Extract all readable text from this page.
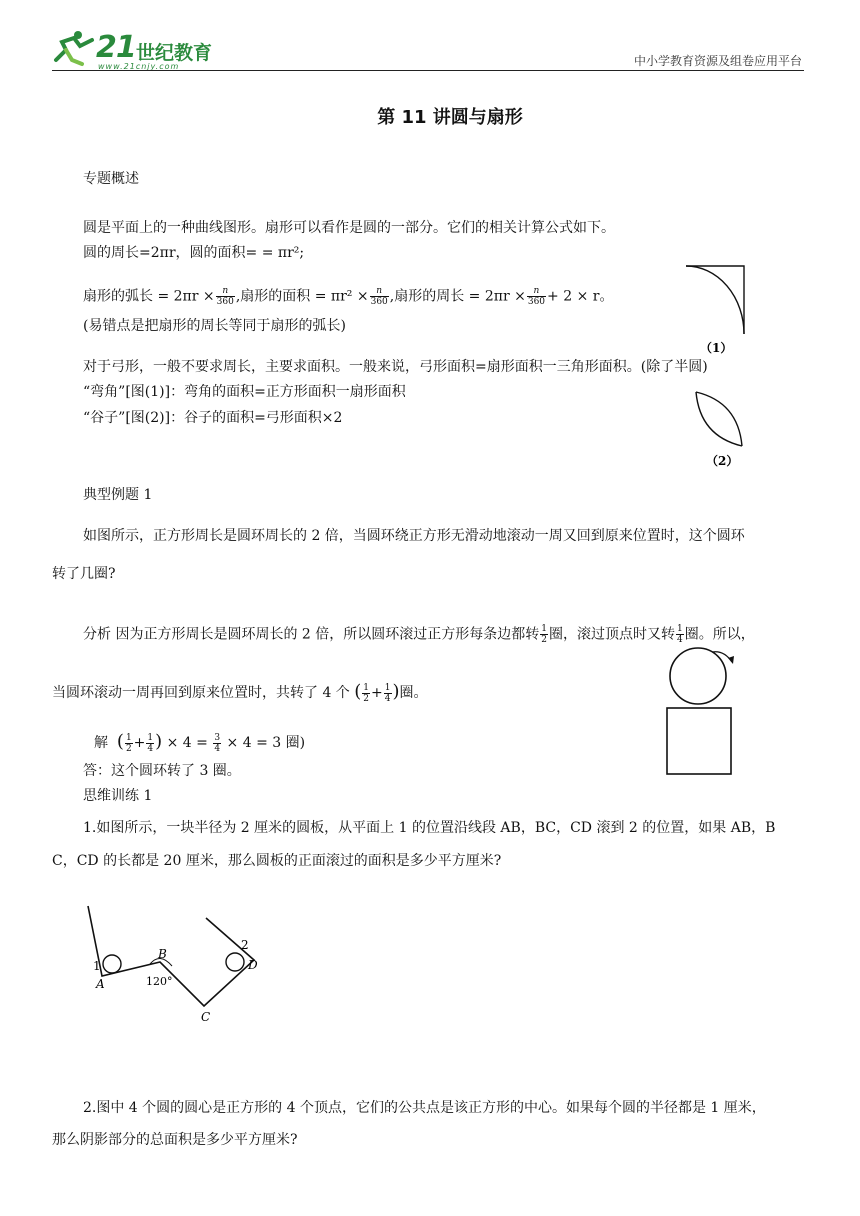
21 世纪教育
www.21cnjy.com	中小学教育资源及组卷应用平台
第 11 讲圆与扇形
专题概述
圆是平面上的一种曲线图形。扇形可以看作是圆的一部分。它们的相关计算公式如下。
圆的周长=2πr，圆的面积= = πr²;
扇形的弧长 = $2\pi r \times \frac{n}{360}$ ,扇形的面积 = $\pi r^2 \times \frac{n}{360}$ ,扇形的周长 = $2\pi r \times \frac{n}{360} + 2 \times r$。
(易错点是把扇形的周长等同于扇形的弧长)
对于弓形，一般不要求周长，主要求面积。一般来说，弓形面积=扇形面积一三角形面积。(除了半圆)
“弯角”[图(1)]：弯角的面积=正方形面积一扇形面积
“谷子”[图(2)]：谷子的面积=弓形面积×2
（1）
（2）
典型例题 1
如图所示，正方形周长是圆环周长的 2 倍，当圆环绕正方形无滑动地滚动一周又回到原来位置时，这个圆环
转了几圈?
分析 因为正方形周长是圆环周长的 2 倍，所以圆环滚过正方形每条边都转 $\frac{1}{2}$ 圈，滚过顶点时又转 $\frac{1}{4}$ 圈。所以，
当圆环滚动一周再回到原来位置时，共转了 4 个 ( $\frac{1}{2} + \frac{1}{4}$ )圈。
解 ( $\frac{1}{2} + \frac{1}{4}$ ) × $4 = \frac{3}{4} \times 4 = 3$ 圈)
答：这个圆环转了 3 圈。
思维训练 1
1.如图所示，一块半径为 2 厘米的圆板，从平面上 1 的位置沿线段 AB，BC，CD 滚到 2 的位置，如果 AB，B
C，CD 的长都是 20 厘米，那么圆板的正面滚过的面积是多少平方厘米?
1
A
B
120°
C
D
2
2.图中 4 个圆的圆心是正方形的 4 个顶点，它们的公共点是该正方形的中心。如果每个圆的半径都是 1 厘米，
那么阴影部分的总面积是多少平方厘米?
